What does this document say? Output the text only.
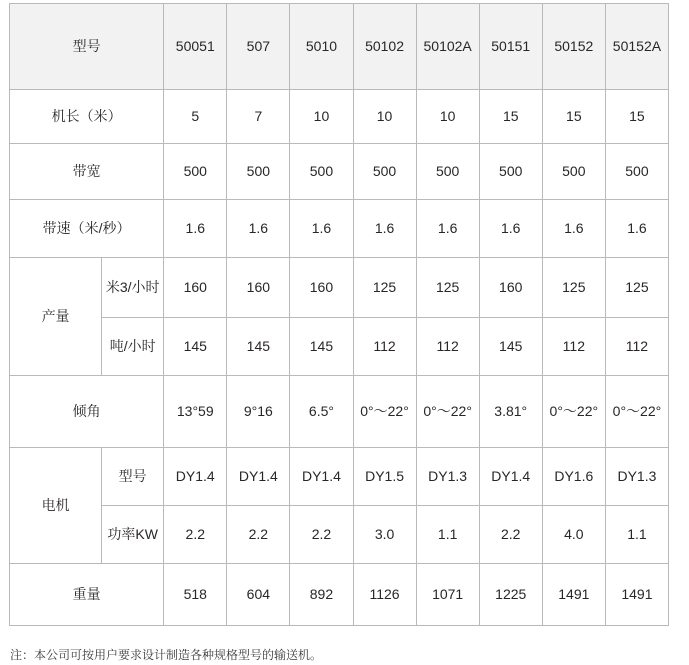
型号		50051	507	5010	50102	50102A	50151	50152	50152A
机长（米）		5	7	10	10	10	15	15	15
带宽		500	500	500	500	500	500	500	500
带速（米/秒）		1.6	1.6	1.6	1.6	1.6	1.6	1.6	1.6
产量	米3/小时	160	160	160	125	125	160	125	125
	吨/小时	145	145	145	112	112	145	112	112
倾角		13°59	9°16	6.5°	0°～22°	0°～22°	3.81°	0°～22°	0°～22°
电机	型号	DY1.4	DY1.4	DY1.4	DY1.5	DY1.3	DY1.4	DY1.6	DY1.3
	功率KW	2.2	2.2	2.2	3.0	1.1	2.2	4.0	1.1
重量		518	604	892	1126	1071	1225	1491	1491
注：本公司可按用户要求设计制造各种规格型号的输送机。
